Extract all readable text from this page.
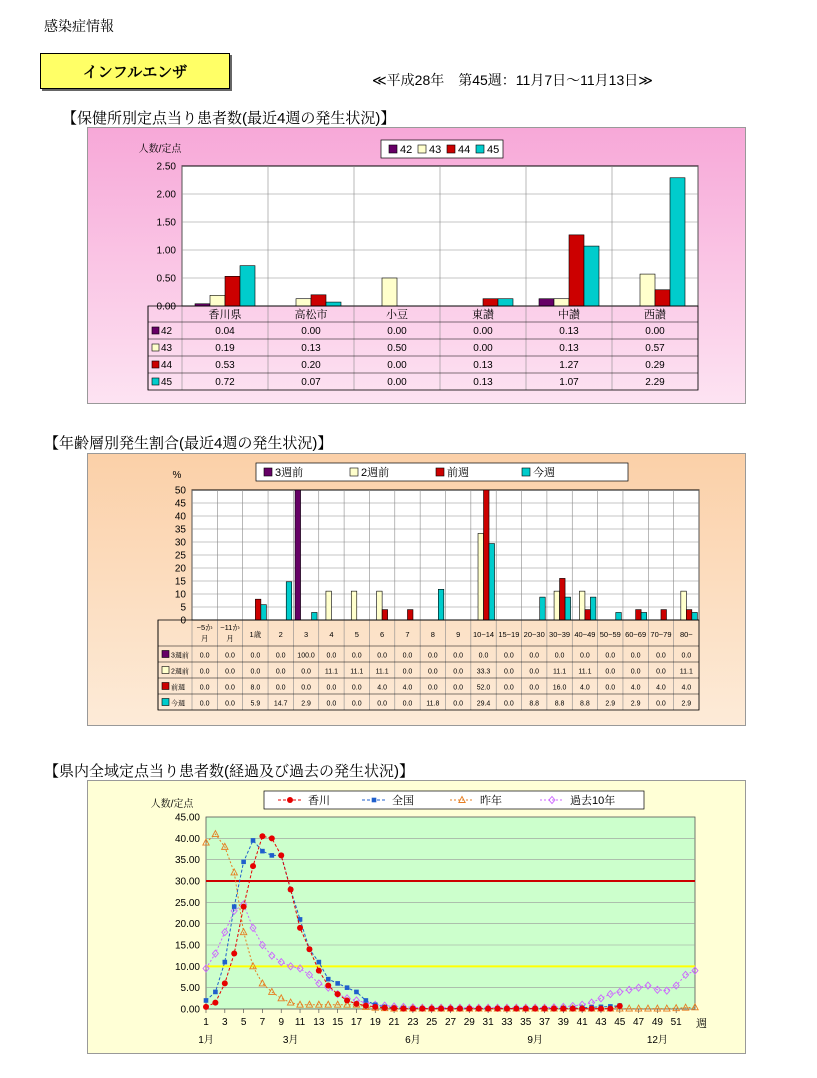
感染症情報
インフルエンザ	≪平成28年　第45週：11月7日～11月13日≫
【保健所別定点当り患者数(最近4週の発生状況)】
0.00
0.50
1.00
1.50
2.00
2.50
人数/定点
香川県	高松市	小豆	東讃	中讃	西讃
42	0.04	0.00	0.00	0.00	0.13	0.00
43	0.19	0.13	0.50	0.00	0.13	0.57
44	0.53	0.20	0.00	0.13	1.27	0.29
45	0.72	0.07	0.00	0.13	1.07	2.29
42 43 44 45
【年齢層別発生割合(最近4週の発生状況)】
0
5
10
15
20
25
30
35
40
45
50
%
~5か
月
~11か
月 1歳 2	3	4	5	6	7	8	9 10~14 15~19 20~30 30~39 40~49 50~59 60~69 70~79 80~
3週前 0.0 0.0 0.0 0.0 100.0 0.0 0.0 0.0 0.0 0.0 0.0 0.0 0.0 0.0 0.0 0.0 0.0 0.0 0.0 0.0
2週前 0.0 0.0 0.0 0.0 0.0 11.1 11.1 11.1 0.0 0.0 0.0 33.3 0.0 0.0 11.1 11.1 0.0 0.0 0.0 11.1
前週 0.0 0.0 8.0 0.0 0.0 0.0 0.0 4.0 4.0 0.0 0.0 52.0 0.0 0.0 16.0 4.0 0.0 4.0 4.0 4.0
今週 0.0 0.0 5.9 14.7 2.9 0.0 0.0 0.0 0.0 11.8 0.0 29.4 0.0 8.8 8.8 8.8 2.9 2.9 0.0 2.9
3週前	2週前	前週	今週
【県内全域定点当り患者数(経過及び過去の発生状況)】
0.00
5.00
10.00
15.00
20.00
25.00
30.00
35.00
40.00
45.00
人数/定点
1 3 5 7 9 11 13 15 17 19 21 23 25 27 29 31 33 35 37 39 41 43 45 47 49 51 週
1月	3月	6月	9月	12月
香川	全国	昨年	過去10年
